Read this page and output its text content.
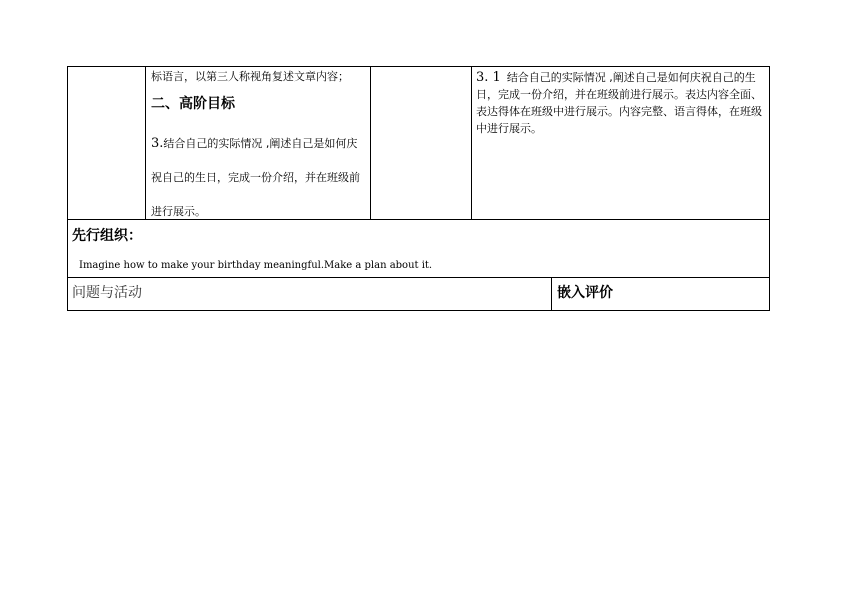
标语言，以第三人称视角复述文章内容；
二、高阶目标
3.结合自己的实际情况 ,阐述自己是如何庆祝自己的生日，完成一份介绍，并在班级前进行展示。
3. 1 结合自己的实际情况 ,阐述自己是如何庆祝自己的生日，完成一份介绍，并在班级前进行展示。表达内容全面、表达得体在班级中进行展示。内容完整、语言得体，在班级中进行展示。
先行组织：
Imagine how to make your birthday meaningful.Make a plan about it.
问题与活动	嵌入评价
